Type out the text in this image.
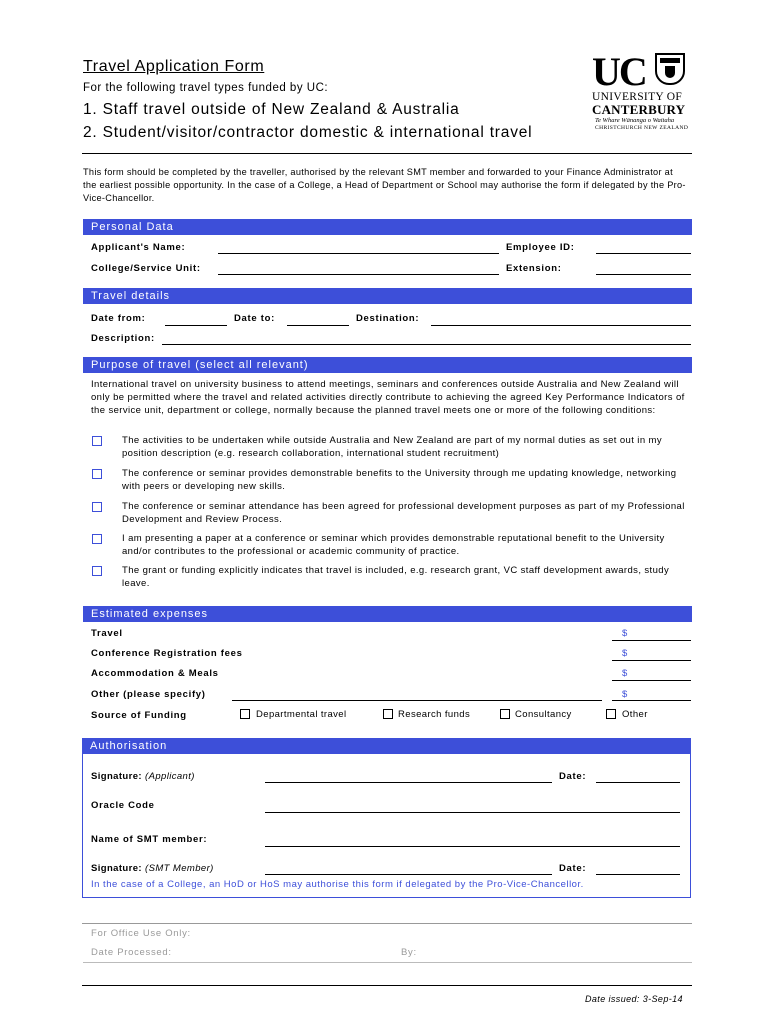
Travel Application Form
For the following travel types funded by UC:
1. Staff travel outside of New Zealand & Australia
2. Student/visitor/contractor domestic & international travel
UC
UNIVERSITY OF
CANTERBURY
Te Whare Wānanga o Waitaha
CHRISTCHURCH NEW ZEALAND
This form should be completed by the traveller, authorised by the relevant SMT member and forwarded to your Finance Administrator at the earliest possible opportunity. In the case of a College, a Head of Department or School may authorise the form if delegated by the Pro-Vice-Chancellor.
Personal Data
Applicant's Name:	Employee ID:
College/Service Unit:	Extension:
Travel details
Date from:	Date to:	Destination:
Description:
Purpose of travel (select all relevant)
International travel on university business to attend meetings, seminars and conferences outside Australia and New Zealand will only be permitted where the travel and related activities directly contribute to achieving the agreed Key Performance Indicators of the service unit, department or college, normally because the planned travel meets one or more of the following conditions:
The activities to be undertaken while outside Australia and New Zealand are part of my normal duties as set out in my position description (e.g. research collaboration, international student recruitment)
The conference or seminar provides demonstrable benefits to the University through me updating knowledge, networking with peers or developing new skills.
The conference or seminar attendance has been agreed for professional development purposes as part of my Professional Development and Review Process.
I am presenting a paper at a conference or seminar which provides demonstrable reputational benefit to the University and/or contributes to the professional or academic community of practice.
The grant or funding explicitly indicates that travel is included, e.g. research grant, VC staff development awards, study leave.
Estimated expenses
Travel	$
Conference Registration fees	$
Accommodation & Meals	$
Other (please specify)	$
Source of Funding	Departmental travel	Research funds	Consultancy	Other
Authorisation
Signature: (Applicant)	Date:
Oracle Code
Name of SMT member:
Signature: (SMT Member)	Date:
In the case of a College, an HoD or HoS may authorise this form if delegated by the Pro-Vice-Chancellor.
For Office Use Only:
Date Processed:	By:
Date issued: 3-Sep-14
